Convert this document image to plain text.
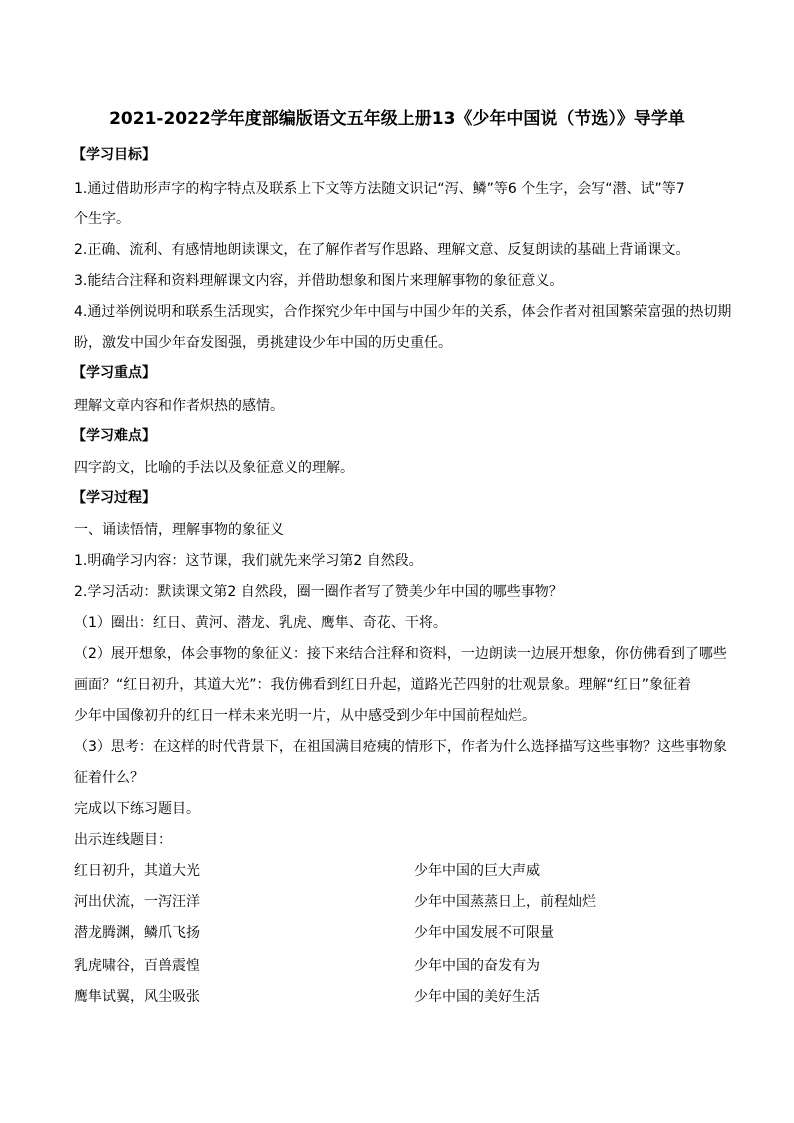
2021-2022学年度部编版语文五年级上册13《少年中国说（节选）》导学单
【学习目标】
1.通过借助形声字的构字特点及联系上下文等方法随文识记“泻、鳞”等6 个生字，会写“潜、试”等7
个生字。
2.正确、流利、有感情地朗读课文，在了解作者写作思路、理解文意、反复朗读的基础上背诵课文。
3.能结合注释和资料理解课文内容，并借助想象和图片来理解事物的象征意义。
4.通过举例说明和联系生活现实，合作探究少年中国与中国少年的关系，体会作者对祖国繁荣富强的热切期
盼，激发中国少年奋发图强，勇挑建设少年中国的历史重任。
【学习重点】
理解文章内容和作者炽热的感情。
【学习难点】
四字韵文，比喻的手法以及象征意义的理解。
【学习过程】
一、诵读悟情，理解事物的象征义
1.明确学习内容：这节课，我们就先来学习第2 自然段。
2.学习活动：默读课文第2 自然段，圈一圈作者写了赞美少年中国的哪些事物？
（1）圈出：红日、黄河、潜龙、乳虎、鹰隼、奇花、干将。
（2）展开想象，体会事物的象征义：接下来结合注释和资料，一边朗读一边展开想象，你仿佛看到了哪些
画面？“红日初升，其道大光”：我仿佛看到红日升起，道路光芒四射的壮观景象。理解“红日”象征着
少年中国像初升的红日一样未来光明一片，从中感受到少年中国前程灿烂。
（3）思考：在这样的时代背景下，在祖国满目疮痍的情形下，作者为什么选择描写这些事物？这些事物象
征着什么？
完成以下练习题目。
出示连线题目：
红日初升，其道大光	少年中国的巨大声威
河出伏流，一泻汪洋	少年中国蒸蒸日上，前程灿烂
潜龙腾渊，鳞爪飞扬	少年中国发展不可限量
乳虎啸谷，百兽震惶	少年中国的奋发有为
鹰隼试翼，风尘吸张	少年中国的美好生活
